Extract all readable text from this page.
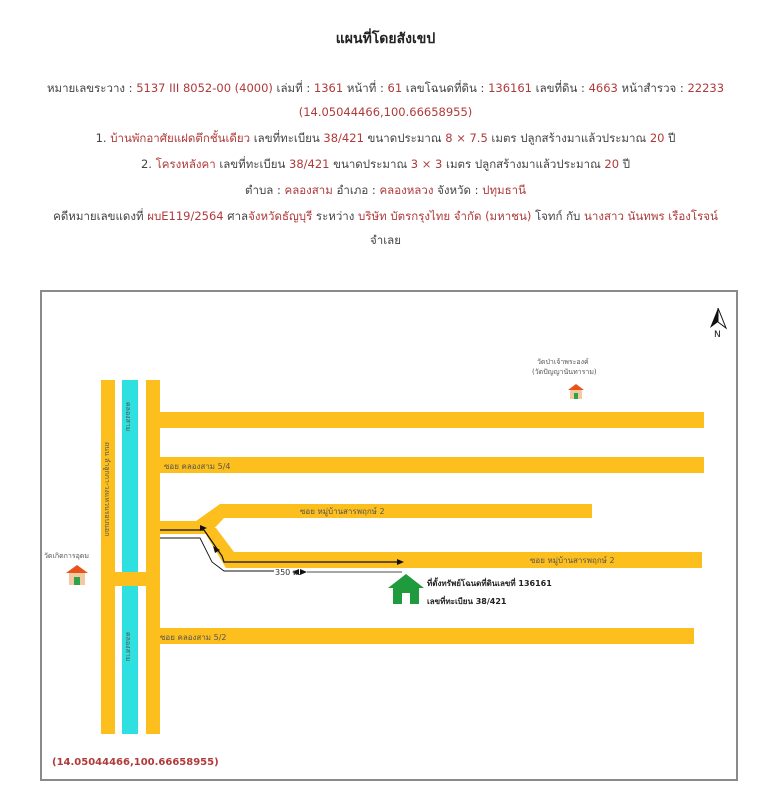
แผนที่โดยสังเขป
หมายเลขระวาง : 5137 III 8052-00 (4000) เล่มที่ : 1361 หน้าที่ : 61 เลขโฉนดที่ดิน : 136161 เลขที่ดิน : 4663 หน้าสำรวจ : 22233
(14.05044466,100.66658955)
1. บ้านพักอาศัยแฝดตึกชั้นเดียว เลขที่ทะเบียน 38/421 ขนาดประมาณ 8 × 7.5 เมตร ปลูกสร้างมาแล้วประมาณ 20 ปี
2. โครงหลังคา เลขที่ทะเบียน 38/421 ขนาดประมาณ 3 × 3 เมตร ปลูกสร้างมาแล้วประมาณ 20 ปี
ตำบล : คลองสาม อำเภอ : คลองหลวง จังหวัด : ปทุมธานี
คดีหมายเลขแดงที่ ผบE119/2564 ศาลจังหวัดธัญบุรี ระหว่าง บริษัท บัตรกรุงไทย จำกัด (มหาชน) โจทก์ กับ นางสาว นันทพร เรืองโรจน์
จำเลย
ซอย คลองสาม 5/4
ซอย หมู่บ้านสารพฤกษ์ 2
ซอย หมู่บ้านสารพฤกษ์ 2
ซอย คลองสาม 5/2
350 ม.
ถนน ลำลูกกา-วงแหวนรอบนอก
คลองสาม
คลองสาม
N
วัดป่าเจ้าพระองค์
(วัดปัญญานันทาราม)
วัดเกิดการอุดม
ที่ตั้งทรัพย์โฉนดที่ดินเลขที่ 136161
เลขที่ทะเบียน 38/421
(14.05044466,100.66658955)
